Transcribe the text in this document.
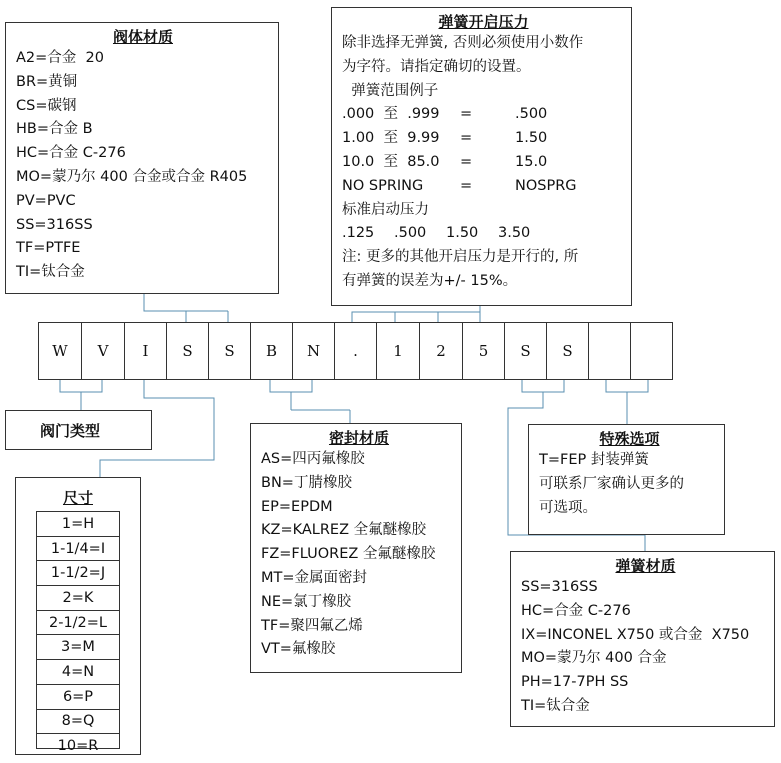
阀体材质
A2=合金  20
BR=黄铜
CS=碳钢
HB=合金 B
HC=合金 C-276
MO=蒙乃尔 400 合金或合金 R405
PV=PVC
SS=316SS
TF=PTFE
TI=钛合金
弹簧开启压力
除非选择无弹簧, 否则必须使用小数作
为字符。请指定确切的设置。
弹簧范围例子
.000  至  .999	=	.500
1.00  至  9.99	=	1.50
10.0  至  85.0	=	15.0
NO SPRING	=	NOSPRG
标准启动压力
.125	.500	1.50	3.50
注: 更多的其他开启压力是开行的, 所
有弹簧的误差为+/- 15%。
W	V	I	S	S	B	N	.	1	2	5	S	S
阀门类型
尺寸
1=H
1-1/4=I
1-1/2=J
2=K
2-1/2=L
3=M
4=N
6=P
8=Q
10=R
密封材质
AS=四丙氟橡胶
BN=丁腈橡胶
EP=EPDM
KZ=KALREZ 全氟醚橡胶
FZ=FLUOREZ 全氟醚橡胶
MT=金属面密封
NE=氯丁橡胶
TF=聚四氟乙烯
VT=氟橡胶
特殊选项
T=FEP 封装弹簧
可联系厂家确认更多的
可选项。
弹簧材质
SS=316SS
HC=合金 C-276
IX=INCONEL X750 或合金  X750
MO=蒙乃尔 400 合金
PH=17-7PH SS
TI=钛合金
